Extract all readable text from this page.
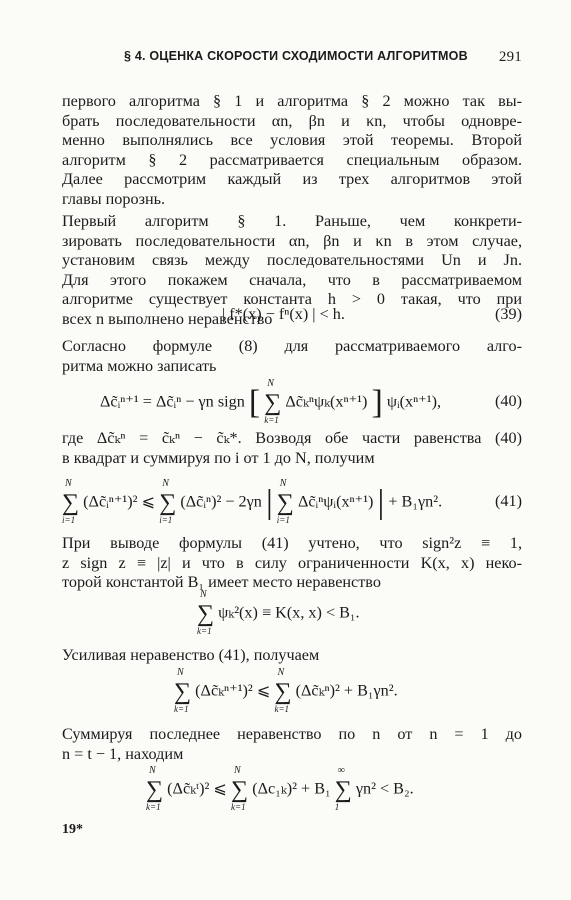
§ 4. ОЦЕНКА СКОРОСТИ СХОДИМОСТИ АЛГОРИТМОВ 291
первого алгоритма § 1 и алгоритма § 2 можно так вы-
брать последовательности αn, βn и κn, чтобы одновре-
менно выполнялись все условия этой теоремы. Второй
алгоритм § 2 рассматривается специальным образом.
Далее рассмотрим каждый из трех алгоритмов этой
главы порознь.
Первый алгоритм § 1. Раньше, чем конкрети-
зировать последовательности αn, βn и κn в этом случае,
установим связь между последовательностями Un и Jn.
Для этого покажем сначала, что в рассматриваемом
алгоритме существует константа h > 0 такая, что при
всех n выполнено неравенство
| f*(x) − fⁿ(x) | < h.	(39)
Согласно формуле (8) для рассматриваемого алго-
ритма можно записать
Δc̃ᵢⁿ⁺¹ = Δc̃ᵢⁿ − γn sign [ ∑
N
k=1
Δc̃ₖⁿψₖ(xⁿ⁺¹) ] ψᵢ(xⁿ⁺¹),	(40)
где Δc̃ₖⁿ = c̃ₖⁿ − c̃ₖ*. Возводя обе части равенства (40)
в квадрат и суммируя по i от 1 до N, получим
∑
N
i=1
(Δc̃ᵢⁿ⁺¹)² ⩽ ∑
N
i=1
(Δc̃ᵢⁿ)² − 2γn | ∑
N
i=1
Δc̃ᵢⁿψᵢ(xⁿ⁺¹) | + B₁γn².	(41)
При выводе формулы (41) учтено, что sign²z ≡ 1,
z sign z ≡ |z| и что в силу ограниченности K(x, x) неко-
торой константой B₁ имеет место неравенство
∑
N
k=1
ψₖ²(x) ≡ K(x, x) < B₁.
Усиливая неравенство (41), получаем
∑
N
k=1
(Δc̃ₖⁿ⁺¹)² ⩽ ∑
N
k=1
(Δc̃ₖⁿ)² + B₁γn².
Суммируя последнее неравенство по n от n = 1 до
n = t − 1, находим
∑
N
k=1
(Δc̃ₖᵗ)² ⩽ ∑
N
k=1
(Δc₁ₖ)² + B₁ ∑
∞
1
γn² < B₂.
19*
